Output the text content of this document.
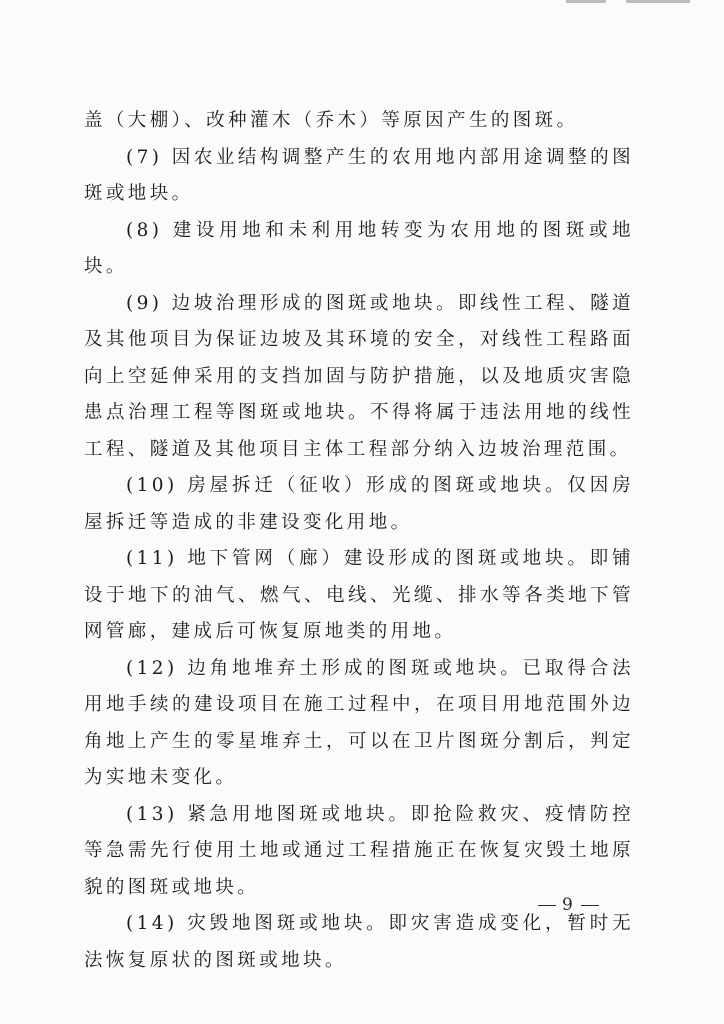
盖（大棚）、改种灌木（乔木）等原因产生的图斑。

(7) 因农业结构调整产生的农用地内部用途调整的图斑或地块。

(8) 建设用地和未利用地转变为农用地的图斑或地块。

(9) 边坡治理形成的图斑或地块。即线性工程、隧道及其他项目为保证边坡及其环境的安全，对线性工程路面向上空延伸采用的支挡加固与防护措施，以及地质灾害隐患点治理工程等图斑或地块。不得将属于违法用地的线性工程、隧道及其他项目主体工程部分纳入边坡治理范围。

(10) 房屋拆迁（征收）形成的图斑或地块。仅因房屋拆迁等造成的非建设变化用地。

(11) 地下管网（廊）建设形成的图斑或地块。即铺设于地下的油气、燃气、电线、光缆、排水等各类地下管网管廊，建成后可恢复原地类的用地。

(12) 边角地堆弃土形成的图斑或地块。已取得合法用地手续的建设项目在施工过程中，在项目用地范围外边角地上产生的零星堆弃土，可以在卫片图斑分割后，判定为实地未变化。

(13) 紧急用地图斑或地块。即抢险救灾、疫情防控等急需先行使用土地或通过工程措施正在恢复灾毁土地原貌的图斑或地块。

(14) 灾毁地图斑或地块。即灾害造成变化，暂时无法恢复原状的图斑或地块。

9
